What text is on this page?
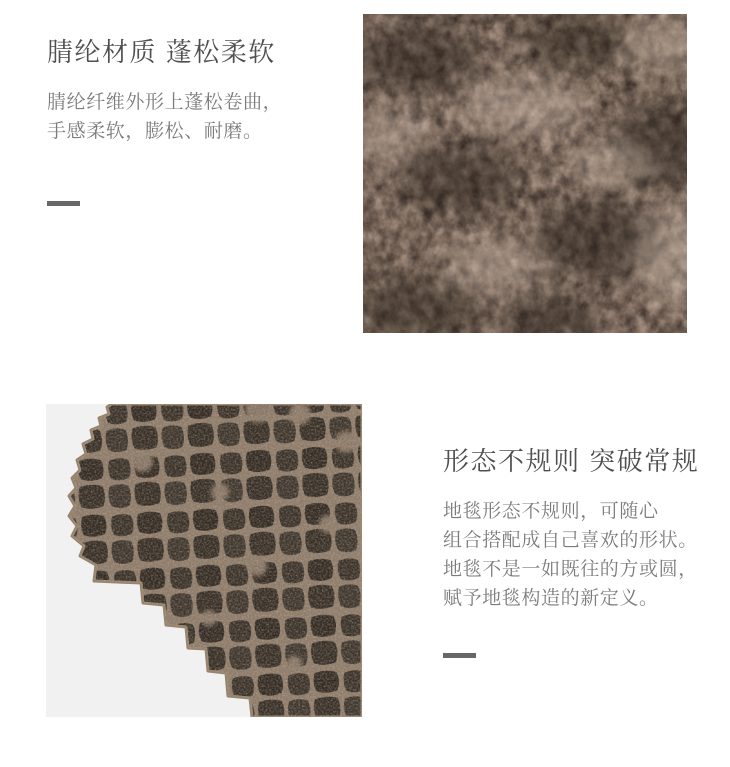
腈纶材质 蓬松柔软
腈纶纤维外形上蓬松卷曲，
手感柔软，膨松、耐磨。
形态不规则 突破常规
地毯形态不规则，可随心
组合搭配成自己喜欢的形状。
地毯不是一如既往的方或圆，
赋予地毯构造的新定义。
